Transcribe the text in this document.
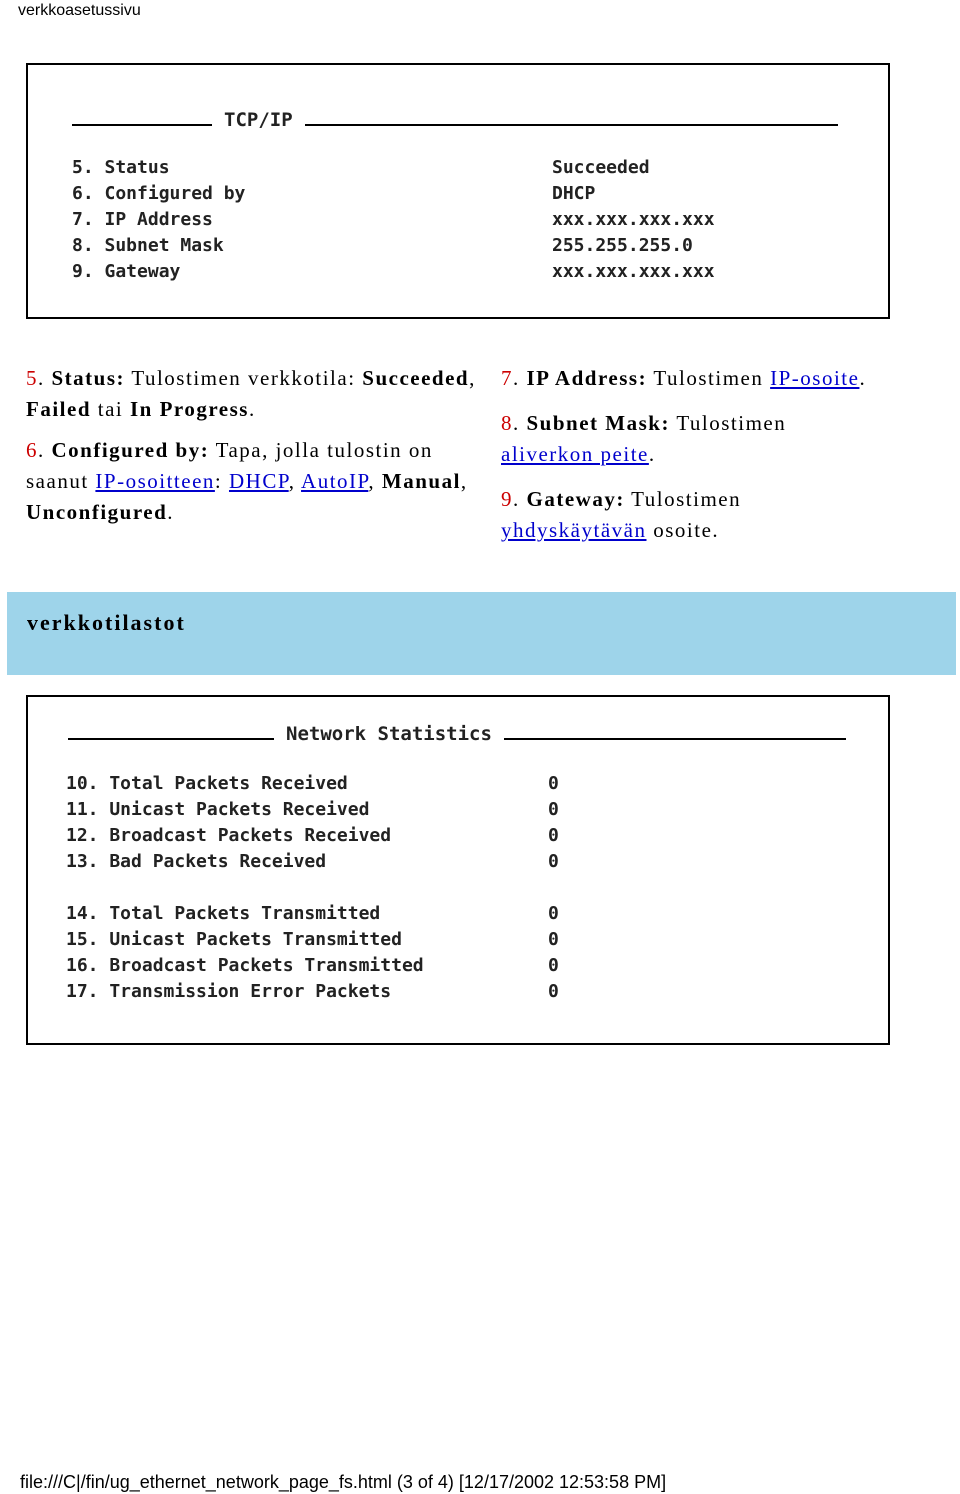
verkkoasetussivu
TCP/IP
5. Status	Succeeded
6. Configured by	DHCP
7. IP Address	xxx.xxx.xxx.xxx
8. Subnet Mask	255.255.255.0
9. Gateway	xxx.xxx.xxx.xxx

5. Status: Tulostimen verkkotila: Succeeded, Failed tai In Progress.

6. Configured by: Tapa, jolla tulostin on saanut IP-osoitteen: DHCP, AutoIP, Manual, Unconfigured.

7. IP Address: Tulostimen IP-osoite.

8. Subnet Mask: Tulostimen
aliverkon peite.

9. Gateway: Tulostimen
yhdyskäytävän osoite.

verkkotilastot
Network Statistics
10. Total Packets Received	0
11. Unicast Packets Received	0
12. Broadcast Packets Received	0
13. Bad Packets Received	0
14. Total Packets Transmitted	0
15. Unicast Packets Transmitted	0
16. Broadcast Packets Transmitted	0
17. Transmission Error Packets	0
file:///C|/fin/ug_ethernet_network_page_fs.html (3 of 4) [12/17/2002 12:53:58 PM]
